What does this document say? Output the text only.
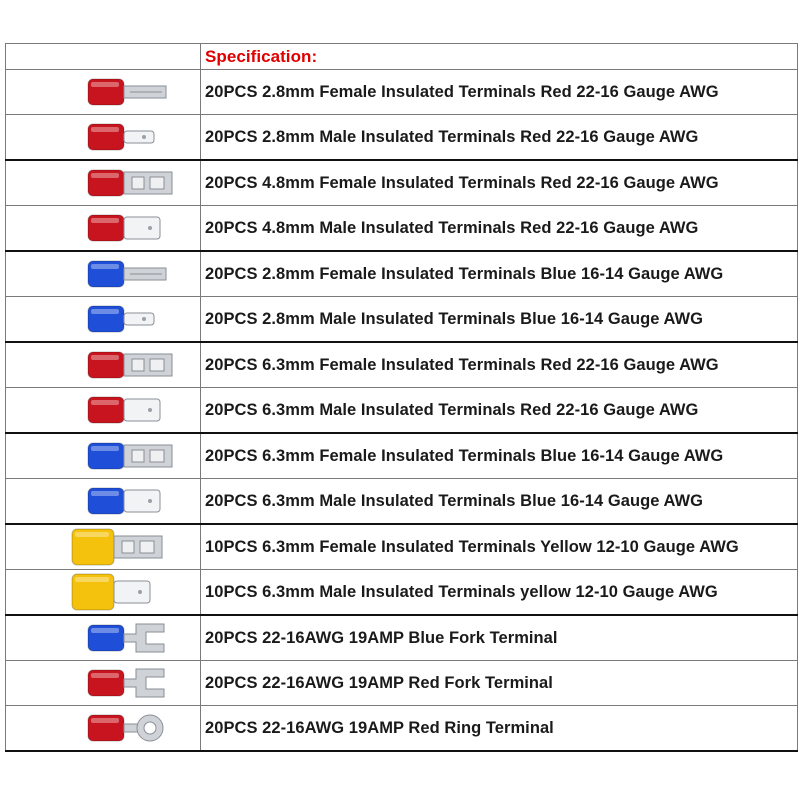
	Specification:

	20PCS 2.8mm Female Insulated Terminals Red 22-16 Gauge AWG

	20PCS 2.8mm Male Insulated Terminals Red 22-16 Gauge AWG

	20PCS 4.8mm Female Insulated Terminals Red 22-16 Gauge AWG

	20PCS 4.8mm Male Insulated Terminals Red 22-16 Gauge AWG

	20PCS 2.8mm Female Insulated Terminals Blue 16-14 Gauge AWG

	20PCS 2.8mm Male Insulated Terminals Blue 16-14 Gauge AWG

	20PCS 6.3mm Female Insulated Terminals Red 22-16 Gauge AWG

	20PCS 6.3mm Male Insulated Terminals Red 22-16 Gauge AWG

	20PCS 6.3mm Female Insulated Terminals Blue 16-14 Gauge AWG

	20PCS 6.3mm Male Insulated Terminals Blue 16-14 Gauge AWG

	10PCS 6.3mm Female Insulated Terminals Yellow 12-10 Gauge AWG

	10PCS 6.3mm Male Insulated Terminals yellow 12-10 Gauge AWG

	20PCS 22-16AWG 19AMP Blue Fork Terminal

	20PCS 22-16AWG 19AMP Red Fork Terminal

	20PCS 22-16AWG 19AMP Red Ring Terminal
